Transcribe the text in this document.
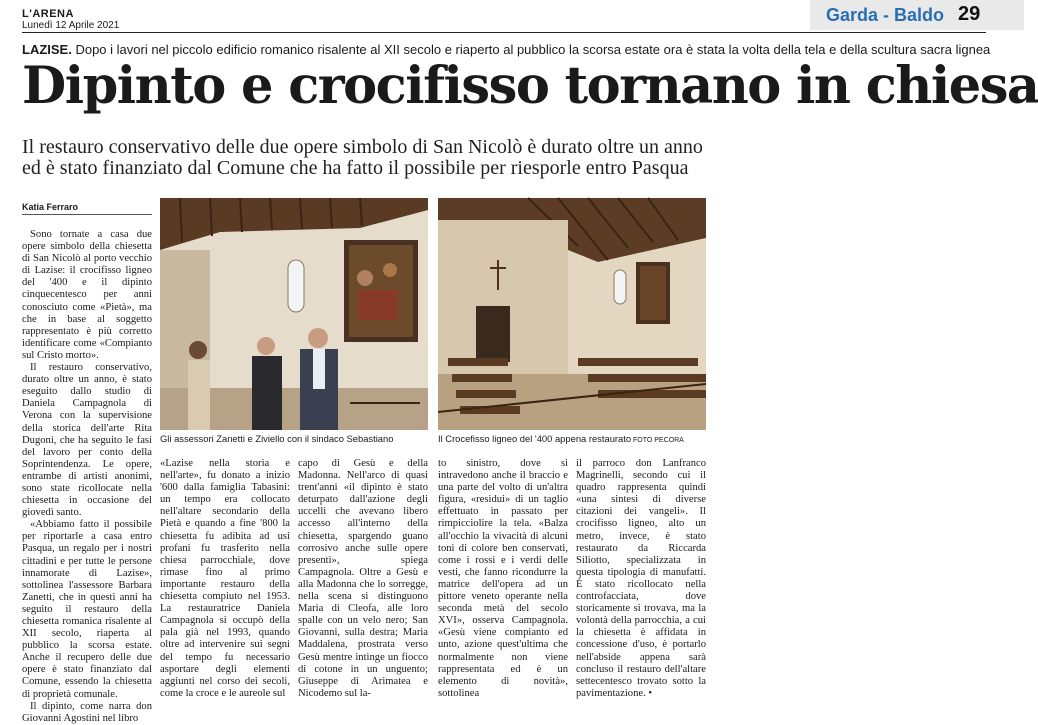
L'ARENA
Lunedì 12 Aprile 2021
Garda - Baldo 29
LAZISE. Dopo i lavori nel piccolo edificio romanico risalente al XII secolo e riaperto al pubblico la scorsa estate ora è stata la volta della tela e della scultura sacra lignea
Dipinto e crocifisso tornano in chiesa
Il restauro conservativo delle due opere simbolo di San Nicolò è durato oltre un anno
ed è stato finanziato dal Comune che ha fatto il possibile per riesporle entro Pasqua
Katia Ferraro

Sono tornate a casa due opere simbolo della chiesetta di San Nicolò al porto vecchio di Lazise: il crocifisso ligneo del '400 e il dipinto cinquecentesco per anni conosciuto come «Pietà», ma che in base al soggetto rappresentato è più corretto identificare come «Compianto sul Cristo morto».

Il restauro conservativo, durato oltre un anno, è stato eseguito dallo studio di Daniela Campagnola di Verona con la supervisione della storica dell'arte Rita Dugoni, che ha seguito le fasi del lavoro per conto della Soprintendenza. Le opere, entrambe di artisti anonimi, sono state ricollocate nella chiesetta in occasione del giovedì santo.

«Abbiamo fatto il possibile per riportarle a casa entro Pasqua, un regalo per i nostri cittadini e per tutte le persone innamorate di Lazise», sottolinea l'assessore Barbara Zanetti, che in questi anni ha seguito il restauro della chiesetta romanica risalente al XII secolo, riaperta al pubblico la scorsa estate. Anche il recupero delle due opere è stato finanziato dal Comune, essendo la chiesetta di proprietà comunale.

Il dipinto, come narra don Giovanni Agostini nel libro

Gli assessori Zanetti e Ziviello con il sindaco Sebastiano	Il Crocefisso ligneo del '400 appena restaurato FOTO PECORA
«Lazise nella storia e nell'arte», fu donato a inizio '600 dalla famiglia Tabasini: un tempo era collocato nell'altare secondario della Pietà e quando a fine '800 la chiesetta fu adibita ad usi profani fu trasferito nella chiesa parrocchiale, dove rimase fino al primo importante restauro della chiesetta compiuto nel 1953. La restauratrice Daniela Campagnola si occupò della pala già nel 1993, quando oltre ad intervenire sui segni del tempo fu necessario asportare degli elementi aggiunti nel corso dei secoli, come la croce e le aureole sul
capo di Gesù e della Madonna. Nell'arco di quasi trent'anni «il dipinto è stato deturpato dall'azione degli uccelli che avevano libero accesso all'interno della chiesetta, spargendo guano corrosivo anche sulle opere presenti», spiega Campagnola. Oltre a Gesù e alla Madonna che lo sorregge, nella scena si distinguono Maria di Cleofa, alle loro spalle con un velo nero; San Giovanni, sulla destra; Maria Maddalena, prostrata verso Gesù mentre intinge un fiocco di cotone in un unguento; Giuseppe di Arimatea e Nicodemo sul la-
to sinistro, dove si intravedono anche il braccio e una parte del volto di un'altra figura, «residui» di un taglio effettuato in passato per rimpicciolire la tela. «Balza all'occhio la vivacità di alcuni toni di colore ben conservati, come i rossi e i verdi delle vesti, che fanno ricondurre la matrice dell'opera ad un pittore veneto operante nella seconda metà del secolo XVI», osserva Campagnola. «Gesù viene compianto ed unto, azione quest'ultima che normalmente non viene rappresentata ed è un elemento di novità», sottolinea
il parroco don Lanfranco Magrinelli, secondo cui il quadro rappresenta quindi «una sintesi di diverse citazioni dei vangeli». Il crocifisso ligneo, alto un metro, invece, è stato restaurato da Riccarda Siliotto, specializzata in questa tipologia di manufatti. È stato ricollocato nella controfacciata, dove storicamente si trovava, ma la volontà della parrocchia, a cui la chiesetta è affidata in concessione d'uso, è portarlo nell'abside appena sarà concluso il restauro dell'altare settecentesco trovato sotto la pavimentazione. •
